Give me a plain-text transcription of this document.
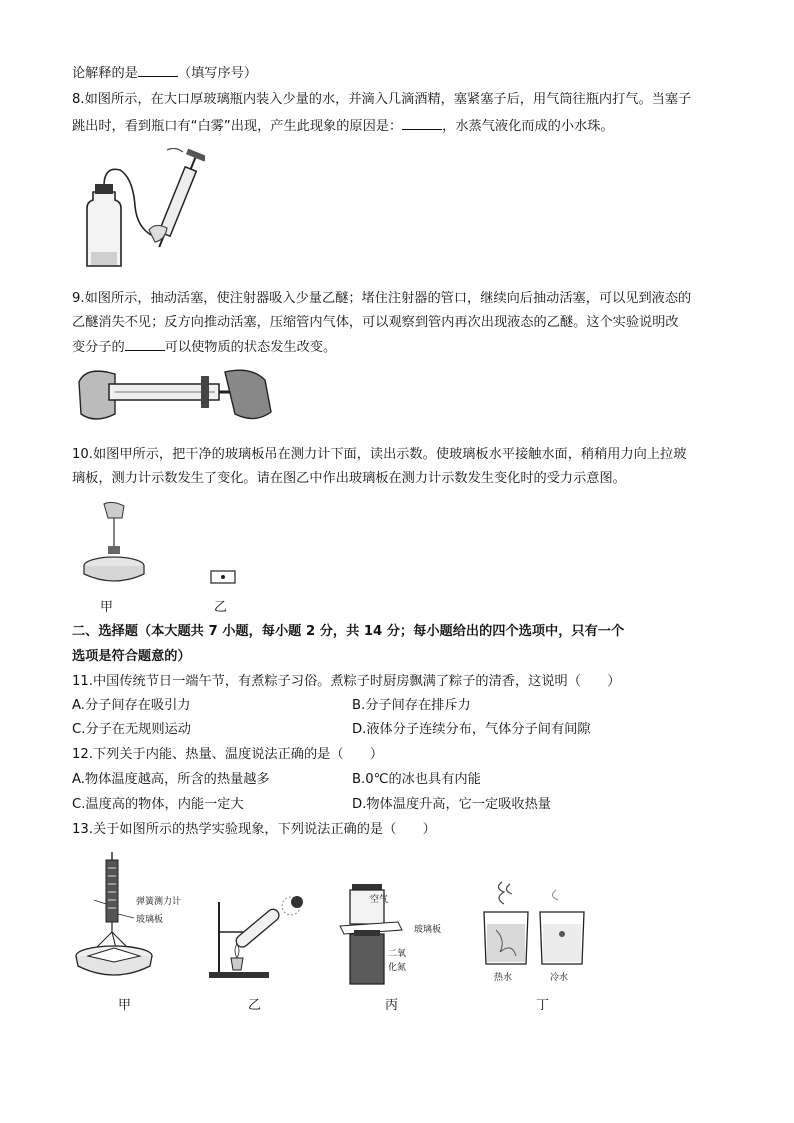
论解释的是	（填写序号）
8.如图所示，在大口厚玻璃瓶内装入少量的水，并滴入几滴酒精，塞紧塞子后，用气筒往瓶内打气。当塞子
跳出时，看到瓶口有“白雾”出现，产生此现象的原因是：	，水蒸气液化而成的小水珠。
9.如图所示，抽动活塞，使注射器吸入少量乙醚；堵住注射器的管口，继续向后抽动活塞，可以见到液态的
乙醚消失不见；反方向推动活塞，压缩管内气体，可以观察到管内再次出现液态的乙醚。这个实验说明改
变分子的	可以使物质的状态发生改变。
10.如图甲所示，把干净的玻璃板吊在测力计下面，读出示数。使玻璃板水平接触水面，稍稍用力向上拉玻
璃板，测力计示数发生了变化。请在图乙中作出玻璃板在测力计示数发生变化时的受力示意图。
甲	乙
二、选择题（本大题共 7 小题，每小题 2 分，共 14 分；每小题给出的四个选项中，只有一个
选项是符合题意的）
11.中国传统节日一端午节，有煮粽子习俗。煮粽子时厨房飘满了粽子的清香，这说明（　　）
A.分子间存在吸引力	B.分子间存在排斥力
C.分子在无规则运动	D.液体分子连续分布，气体分子间有间隙
12.下列关于内能、热量、温度说法正确的是（　　）
A.物体温度越高，所含的热量越多	B.0℃的冰也具有内能
C.温度高的物体，内能一定大	D.物体温度升高，它一定吸收热量
13.关于如图所示的热学实验现象，下列说法正确的是（　　）
弹簧测力计
玻璃板
甲	乙
空气
玻璃板
二氧
化氮
丙
热水	冷水
丁
